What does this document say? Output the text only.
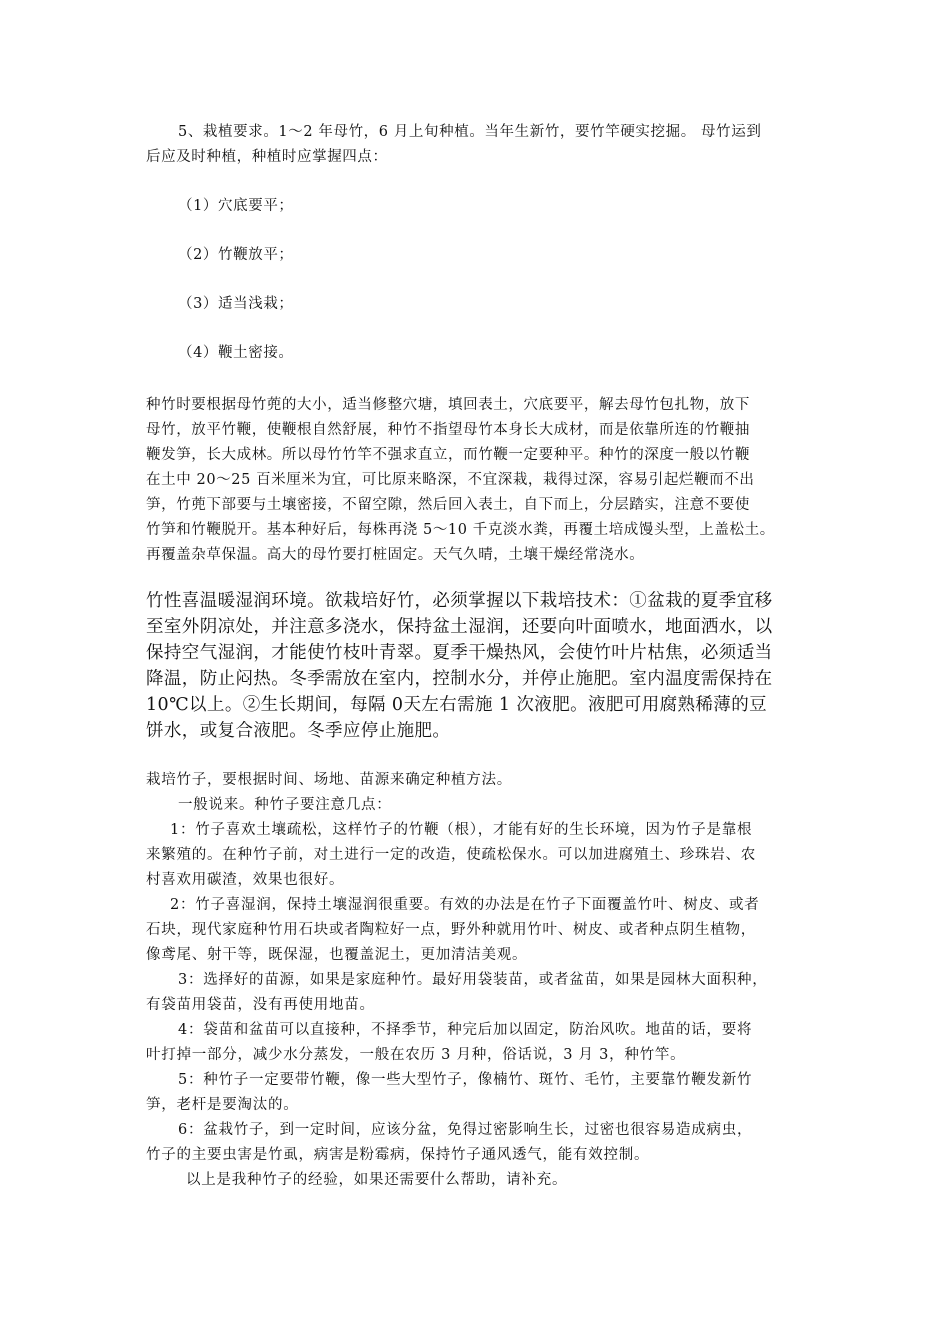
5、栽植要求。1～2 年母竹，6 月上旬种植。当年生新竹，要竹竿硬实挖掘。 母竹运到

后应及时种植，种植时应掌握四点：

（1）穴底要平；

（2）竹鞭放平；

（3）适当浅栽；

（4）鞭土密接。

种竹时要根据母竹蔸的大小，适当修整穴塘，填回表土，穴底要平，解去母竹包扎物，放下

母竹，放平竹鞭，使鞭根自然舒展，种竹不指望母竹本身长大成材，而是依靠所连的竹鞭抽

鞭发笋，长大成林。所以母竹竹竿不强求直立，而竹鞭一定要种平。种竹的深度一般以竹鞭

在土中 20～25 百米厘米为宜，可比原来略深，不宜深栽，栽得过深，容易引起烂鞭而不出

笋，竹蔸下部要与土壤密接，不留空隙，然后回入表土，自下而上，分层踏实，注意不要使

竹笋和竹鞭脱开。基本种好后，每株再浇 5～10 千克淡水粪，再覆土培成馒头型，上盖松土。

再覆盖杂草保温。高大的母竹要打桩固定。天气久晴，土壤干燥经常浇水。

竹性喜温暖湿润环境。欲栽培好竹，必须掌握以下栽培技术：①盆栽的夏季宜移

至室外阴凉处，并注意多浇水，保持盆土湿润，还要向叶面喷水，地面洒水，以

保持空气湿润，才能使竹枝叶青翠。夏季干燥热风，会使竹叶片枯焦，必须适当

降温，防止闷热。冬季需放在室内，控制水分，并停止施肥。室内温度需保持在

10℃以上。②生长期间，每隔 0天左右需施 1 次液肥。液肥可用腐熟稀薄的豆

饼水，或复合液肥。冬季应停止施肥。

栽培竹子，要根据时间、场地、苗源来确定种植方法。

一般说来。种竹子要注意几点：

1：竹子喜欢土壤疏松，这样竹子的竹鞭（根），才能有好的生长环境，因为竹子是靠根

来繁殖的。在种竹子前，对土进行一定的改造，使疏松保水。可以加进腐殖土、珍珠岩、农

村喜欢用碳渣，效果也很好。

2：竹子喜湿润，保持土壤湿润很重要。有效的办法是在竹子下面覆盖竹叶、树皮、或者

石块，现代家庭种竹用石块或者陶粒好一点，野外种就用竹叶、树皮、或者种点阴生植物，

像鸢尾、射干等，既保湿，也覆盖泥土，更加清洁美观。

3：选择好的苗源，如果是家庭种竹。最好用袋装苗，或者盆苗，如果是园林大面积种，

有袋苗用袋苗，没有再使用地苗。

4：袋苗和盆苗可以直接种，不择季节，种完后加以固定，防治风吹。地苗的话，要将

叶打掉一部分，减少水分蒸发，一般在农历 3 月种，俗话说，3 月 3，种竹竿。

5：种竹子一定要带竹鞭，像一些大型竹子，像楠竹、斑竹、毛竹，主要靠竹鞭发新竹

笋，老杆是要淘汰的。

6：盆栽竹子，到一定时间，应该分盆，免得过密影响生长，过密也很容易造成病虫，

竹子的主要虫害是竹虱，病害是粉霉病，保持竹子通风透气，能有效控制。

以上是我种竹子的经验，如果还需要什么帮助，请补充。
